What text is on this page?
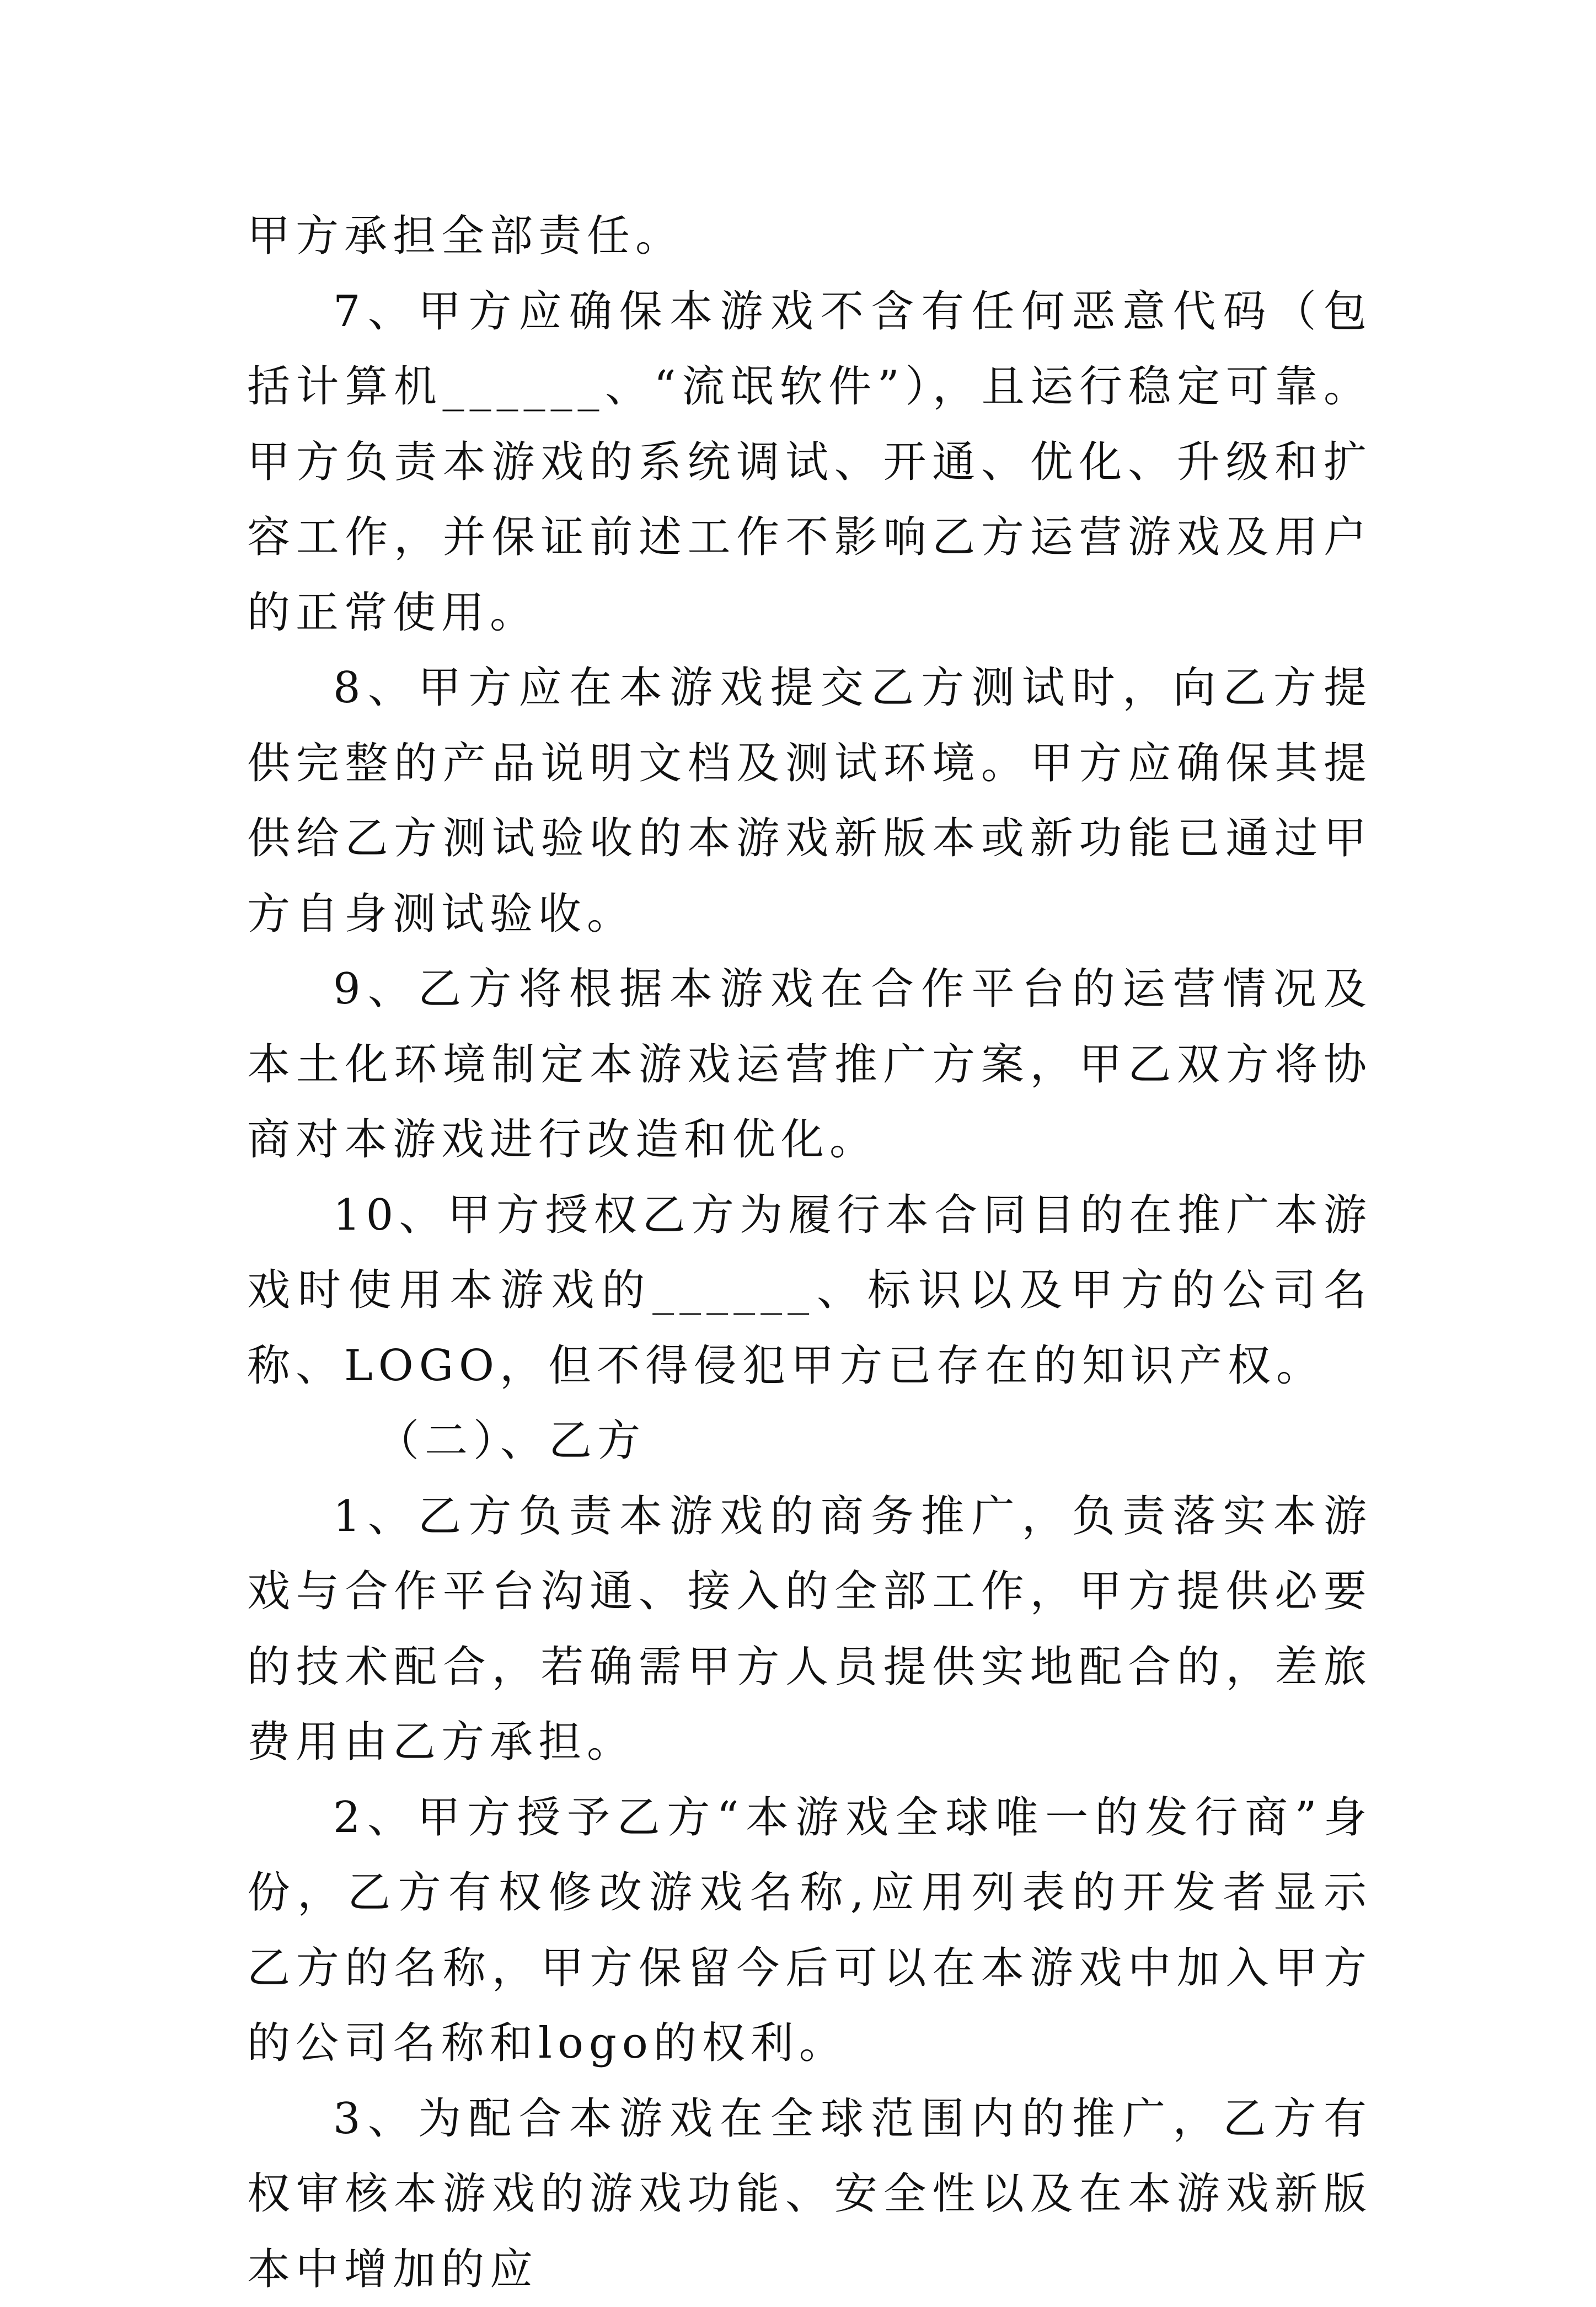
甲方承担全部责任。

7、甲方应确保本游戏不含有任何恶意代码（包括计算机______、“流氓软件”），且运行稳定可靠。甲方负责本游戏的系统调试、开通、优化、升级和扩容工作，并保证前述工作不影响乙方运营游戏及用户的正常使用。

8、甲方应在本游戏提交乙方测试时，向乙方提供完整的产品说明文档及测试环境。甲方应确保其提供给乙方测试验收的本游戏新版本或新功能已通过甲方自身测试验收。

9、乙方将根据本游戏在合作平台的运营情况及本土化环境制定本游戏运营推广方案，甲乙双方将协商对本游戏进行改造和优化。

10、甲方授权乙方为履行本合同目的在推广本游戏时使用本游戏的______、标识以及甲方的公司名称、LOGO，但不得侵犯甲方已存在的知识产权。

（二）、乙方

1、乙方负责本游戏的商务推广，负责落实本游戏与合作平台沟通、接入的全部工作，甲方提供必要的技术配合，若确需甲方人员提供实地配合的，差旅费用由乙方承担。

2、甲方授予乙方“本游戏全球唯一的发行商”身份，乙方有权修改游戏名称,应用列表的开发者显示乙方的名称，甲方保留今后可以在本游戏中加入甲方的公司名称和logo的权利。

3、为配合本游戏在全球范围内的推广，乙方有权审核本游戏的游戏功能、安全性以及在本游戏新版本中增加的应
